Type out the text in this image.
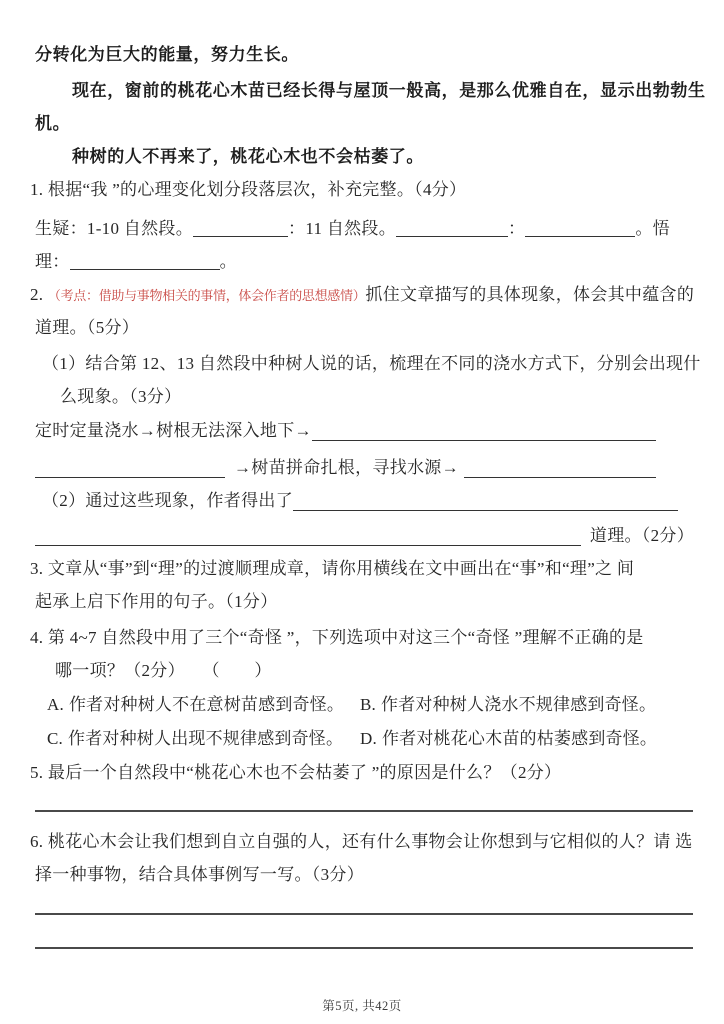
分转化为巨大的能量，努力生长。
现在，窗前的桃花心木苗已经长得与屋顶一般高，是那么优雅自在，显示出勃勃生
机。
种树的人不再来了，桃花心木也不会枯萎了。
1. 根据“我 ”的心理变化划分段落层次，补充完整。（4分）
生疑：1-10 自然段。	：11 自然段。	：	。悟
理：	。
2. （考点：借助与事物相关的事情，体会作者的思想感情）抓住文章描写的具体现象，体会其中蕴含的
道理。（5分）
（1）结合第 12、13 自然段中种树人说的话，梳理在不同的浇水方式下，分别会出现什
么现象。（3分）
定时定量浇水→树根无法深入地下→
→树苗拼命扎根，寻找水源→
（2）通过这些现象，作者得出了
道理。（2分）
3. 文章从“事”到“理”的过渡顺理成章，请你用横线在文中画出在“事”和“理”之 间
起承上启下作用的句子。（1分）
4. 第 4~7 自然段中用了三个“奇怪 ”，下列选项中对这三个“奇怪 ”理解不正确的是
哪一项？（2分）　　（　　）
A. 作者对种树人不在意树苗感到奇怪。 B. 作者对种树人浇水不规律感到奇怪。
C. 作者对种树人出现不规律感到奇怪。 D. 作者对桃花心木苗的枯萎感到奇怪。
5. 最后一个自然段中“桃花心木也不会枯萎了 ”的原因是什么？（2分）
6. 桃花心木会让我们想到自立自强的人，还有什么事物会让你想到与它相似的人？请 选
择一种事物，结合具体事例写一写。（3分）
第5页, 共42页
